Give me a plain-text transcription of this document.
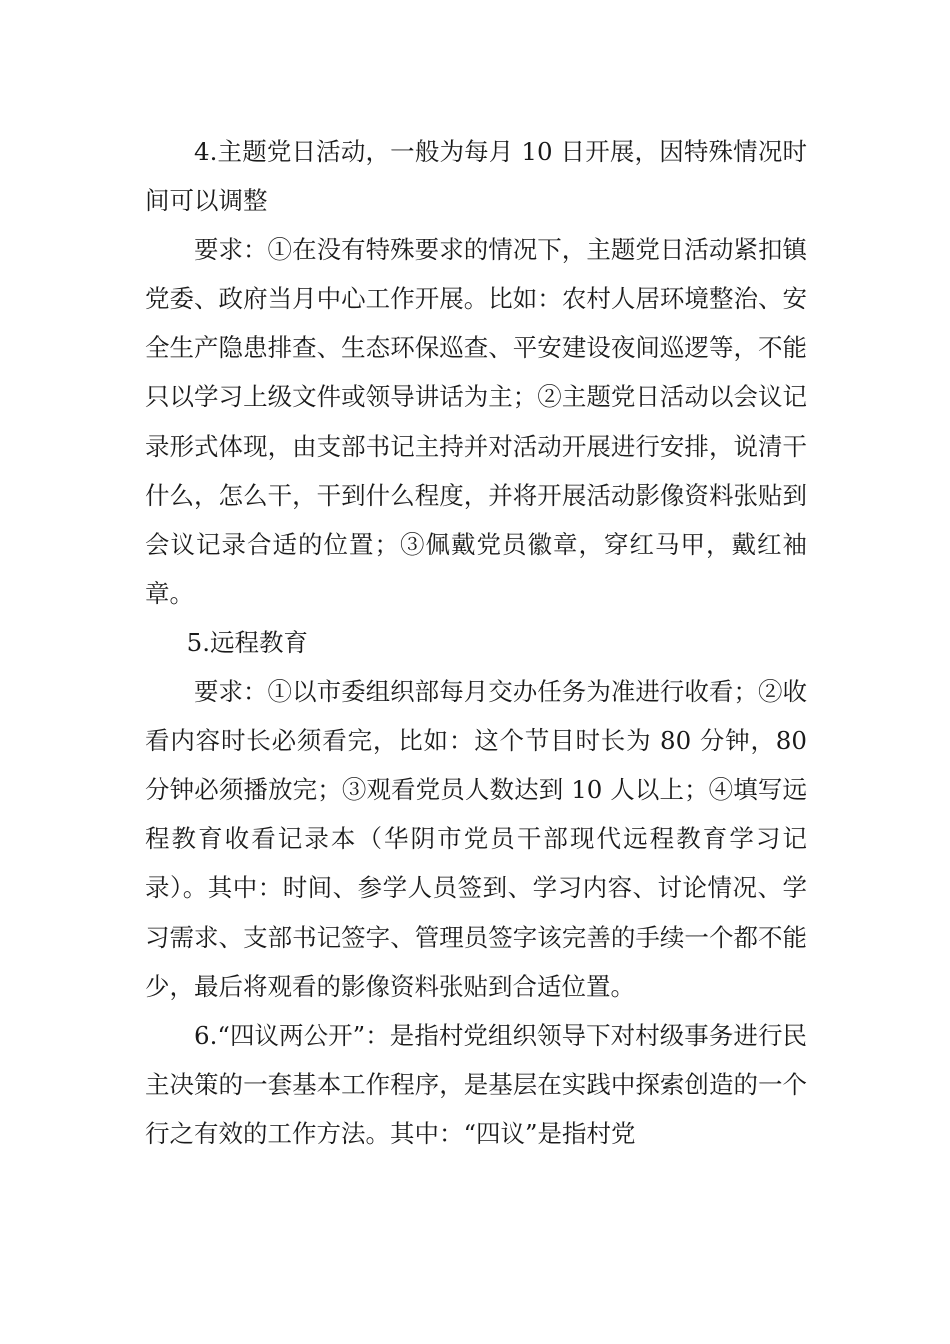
4.主题党日活动，一般为每月 10 日开展，因特殊情况时间可以调整

要求：①在没有特殊要求的情况下，主题党日活动紧扣镇党委、政府当月中心工作开展。比如：农村人居环境整治、安全生产隐患排查、生态环保巡查、平安建设夜间巡逻等，不能只以学习上级文件或领导讲话为主；②主题党日活动以会议记录形式体现，由支部书记主持并对活动开展进行安排，说清干什么，怎么干，干到什么程度，并将开展活动影像资料张贴到会议记录合适的位置；③佩戴党员徽章，穿红马甲，戴红袖章。

5.远程教育

要求：①以市委组织部每月交办任务为准进行收看；②收看内容时长必须看完，比如：这个节目时长为 80 分钟，80 分钟必须播放完；③观看党员人数达到 10 人以上；④填写远程教育收看记录本（华阴市党员干部现代远程教育学习记录）。其中：时间、参学人员签到、学习内容、讨论情况、学习需求、支部书记签字、管理员签字该完善的手续一个都不能少，最后将观看的影像资料张贴到合适位置。

6.“四议两公开”：是指村党组织领导下对村级事务进行民主决策的一套基本工作程序，是基层在实践中探索创造的一个行之有效的工作方法。其中：“四议”是指村党
